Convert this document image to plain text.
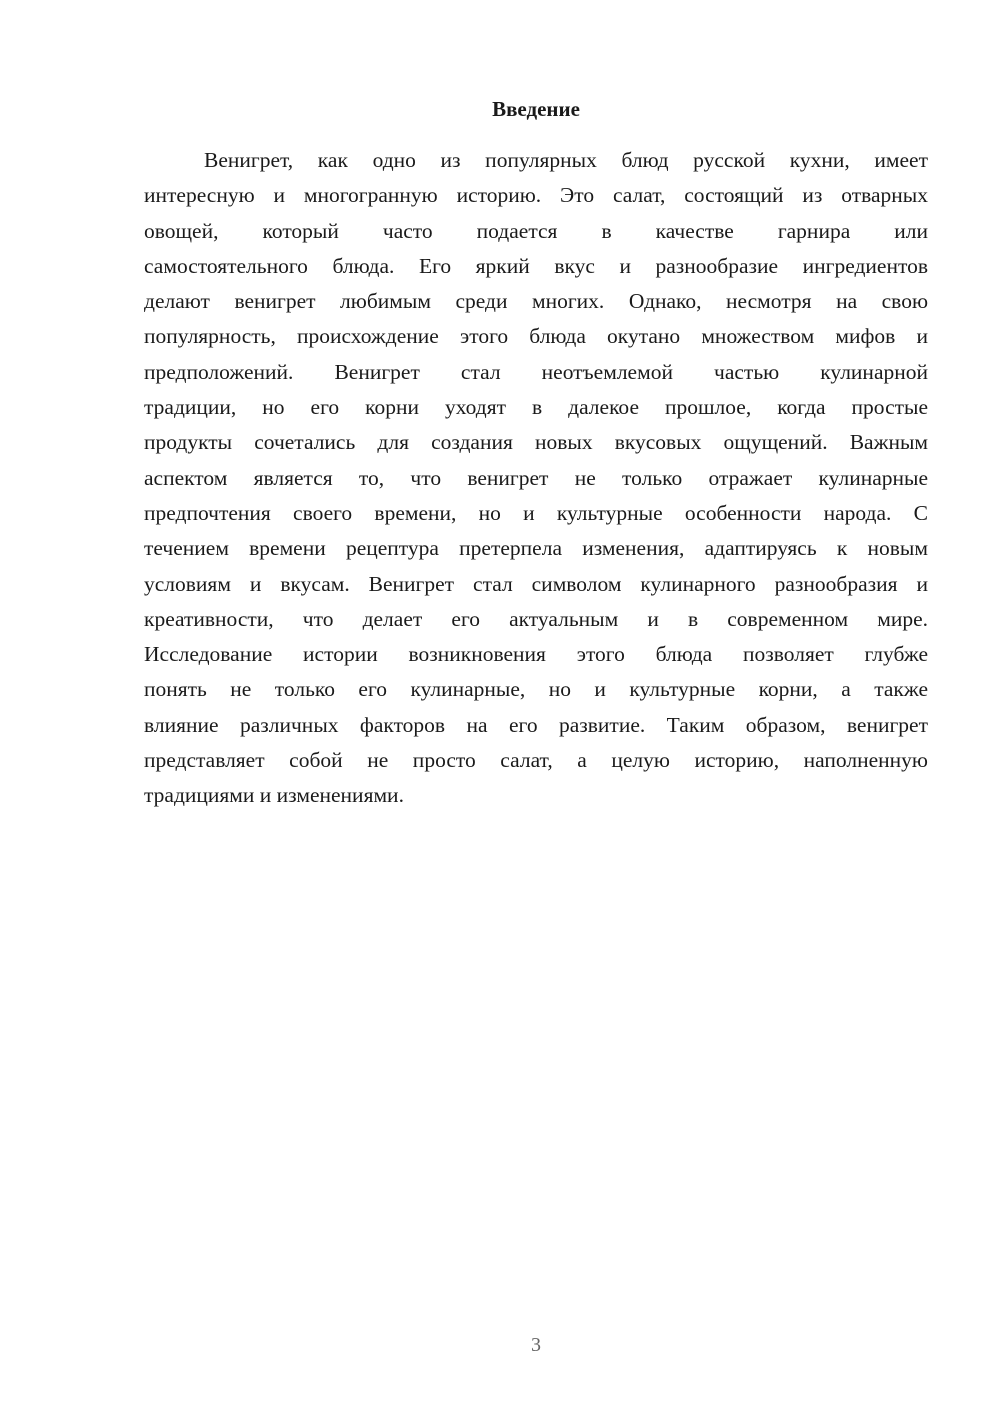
Введение
Венигрет, как одно из популярных блюд русской кухни, имеет
интересную и многогранную историю. Это салат, состоящий из отварных
овощей, который часто подается в качестве гарнира или
самостоятельного блюда. Его яркий вкус и разнообразие ингредиентов
делают венигрет любимым среди многих. Однако, несмотря на свою
популярность, происхождение этого блюда окутано множеством мифов и
предположений. Венигрет стал неотъемлемой частью кулинарной
традиции, но его корни уходят в далекое прошлое, когда простые
продукты сочетались для создания новых вкусовых ощущений. Важным
аспектом является то, что венигрет не только отражает кулинарные
предпочтения своего времени, но и культурные особенности народа. С
течением времени рецептура претерпела изменения, адаптируясь к новым
условиям и вкусам. Венигрет стал символом кулинарного разнообразия и
креативности, что делает его актуальным и в современном мире.
Исследование истории возникновения этого блюда позволяет глубже
понять не только его кулинарные, но и культурные корни, а также
влияние различных факторов на его развитие. Таким образом, венигрет
представляет собой не просто салат, а целую историю, наполненную
традициями и изменениями.
3
